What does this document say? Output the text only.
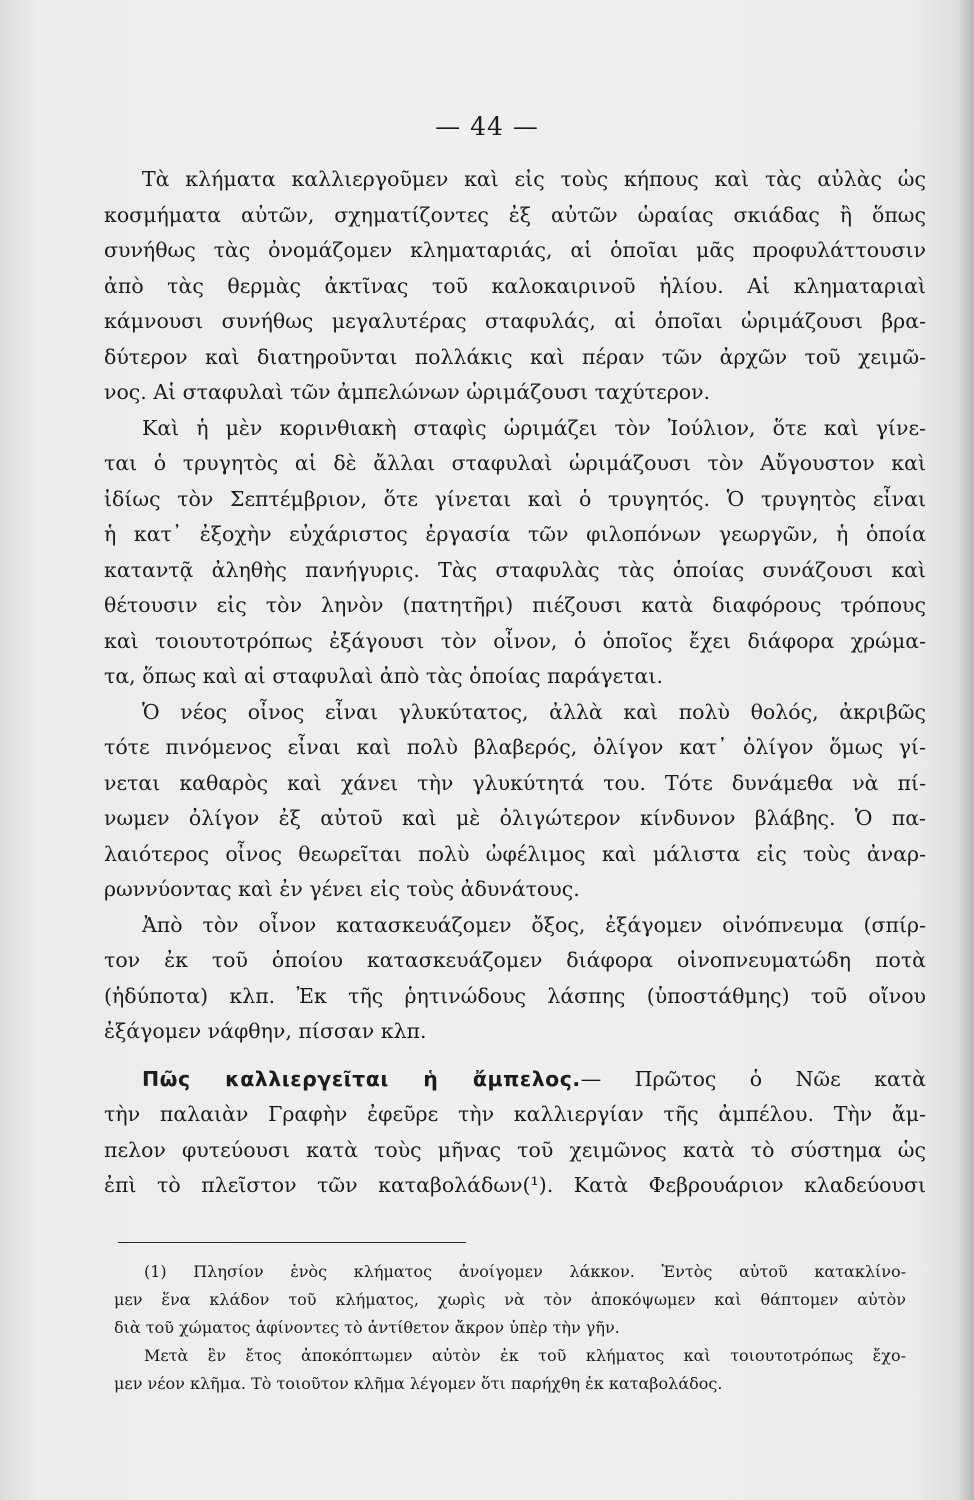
— 44 —
Τὰ κλήματα καλλιεργοῦμεν καὶ εἰς τοὺς κήπους καὶ τὰς αὐλὰς ὡς
κοσμήματα αὐτῶν, σχηματίζοντες ἐξ αὐτῶν ὡραίας σκιάδας ἢ ὅπως
συνήθως τὰς ὀνομάζομεν κληματαριάς, αἱ ὁποῖαι μᾶς προφυλάττουσιν
ἀπὸ τὰς θερμὰς ἀκτῖνας τοῦ καλοκαιρινοῦ ἡλίου. Αἱ κληματαριαὶ
κάμνουσι συνήθως μεγαλυτέρας σταφυλάς, αἱ ὁποῖαι ὡριμάζουσι βρα-
δύτερον καὶ διατηροῦνται πολλάκις καὶ πέραν τῶν ἀρχῶν τοῦ χειμῶ-
νος. Αἱ σταφυλαὶ τῶν ἀμπελώνων ὡριμάζουσι ταχύτερον.
Καὶ ἡ μὲν κορινθιακὴ σταφὶς ὡριμάζει τὸν Ἰούλιον, ὅτε καὶ γίνε-
ται ὁ τρυγητὸς αἱ δὲ ἄλλαι σταφυλαὶ ὡριμάζουσι τὸν Αὔγουστον καὶ
ἰδίως τὸν Σεπτέμβριον, ὅτε γίνεται καὶ ὁ τρυγητός. Ὁ τρυγητὸς εἶναι
ἡ κατ᾿ ἐξοχὴν εὐχάριστος ἐργασία τῶν φιλοπόνων γεωργῶν, ἡ ὁποία
καταντᾷ ἀληθὴς πανήγυρις. Τὰς σταφυλὰς τὰς ὁποίας συνάζουσι καὶ
θέτουσιν εἰς τὸν ληνὸν (πατητῆρι) πιέζουσι κατὰ διαφόρους τρόπους
καὶ τοιουτοτρόπως ἐξάγουσι τὸν οἶνον, ὁ ὁποῖος ἔχει διάφορα χρώμα-
τα, ὅπως καὶ αἱ σταφυλαὶ ἀπὸ τὰς ὁποίας παράγεται.
Ὁ νέος οἶνος εἶναι γλυκύτατος, ἀλλὰ καὶ πολὺ θολός, ἀκριβῶς
τότε πινόμενος εἶναι καὶ πολὺ βλαβερός, ὀλίγον κατ᾿ ὀλίγον ὅμως γί-
νεται καθαρὸς καὶ χάνει τὴν γλυκύτητά του. Τότε δυνάμεθα νὰ πί-
νωμεν ὀλίγον ἐξ αὐτοῦ καὶ μὲ ὀλιγώτερον κίνδυνον βλάβης. Ὁ πα-
λαιότερος οἶνος θεωρεῖται πολὺ ὠφέλιμος καὶ μάλιστα εἰς τοὺς ἀναρ-
ρωννύοντας καὶ ἐν γένει εἰς τοὺς ἀδυνάτους.
Ἀπὸ τὸν οἶνον κατασκευάζομεν ὄξος, ἐξάγομεν οἰνόπνευμα (σπίρ-
τον ἐκ τοῦ ὁποίου κατασκευάζομεν διάφορα οἰνοπνευματώδη ποτὰ
(ἡδύποτα) κλπ. Ἐκ τῆς ῥητινώδους λάσπης (ὑποστάθμης) τοῦ οἴνου
ἐξάγομεν νάφθην, πίσσαν κλπ.
Πῶς καλλιεργεῖται ἡ ἄμπελος.— Πρῶτος ὁ Νῶε κατὰ
τὴν παλαιὰν Γραφὴν ἐφεῦρε τὴν καλλιεργίαν τῆς ἀμπέλου. Τὴν ἄμ-
πελον φυτεύουσι κατὰ τοὺς μῆνας τοῦ χειμῶνος κατὰ τὸ σύστημα ὡς
ἐπὶ τὸ πλεῖστον τῶν καταβολάδων(¹). Κατὰ Φεβρουάριον κλαδεύουσι
(1) Πλησίον ἑνὸς κλήματος ἀνοίγομεν λάκκον. Ἐντὸς αὐτοῦ κατακλίνο-
μεν ἕνα κλάδον τοῦ κλήματος, χωρὶς νὰ τὸν ἀποκόψωμεν καὶ θάπτομεν αὐτὸν
διὰ τοῦ χώματος ἀφίνοντες τὸ ἀντίθετον ἄκρον ὑπὲρ τὴν γῆν.
Μετὰ ἓν ἔτος ἀποκόπτωμεν αὐτὸν ἐκ τοῦ κλήματος καὶ τοιουτοτρόπως ἔχο-
μεν νέον κλῆμα. Τὸ τοιοῦτον κλῆμα λέγομεν ὅτι παρήχθη ἐκ καταβολάδος.
